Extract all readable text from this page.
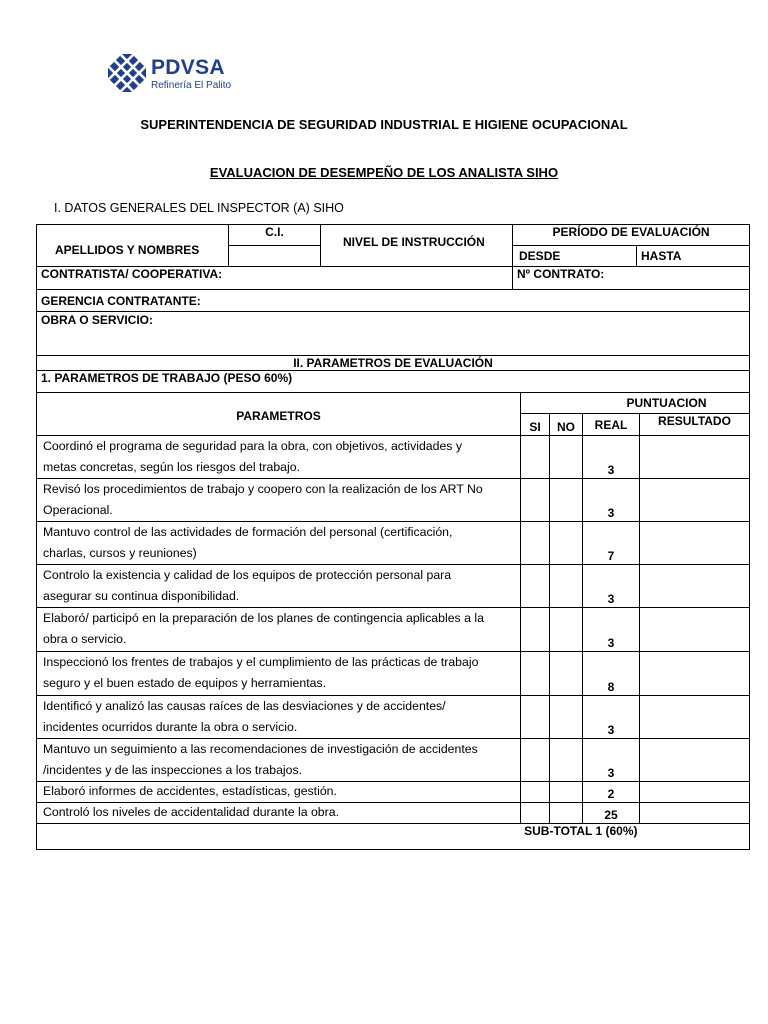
PDVSA
Refinería El Palito
SUPERINTENDENCIA DE SEGURIDAD INDUSTRIAL E HIGIENE OCUPACIONAL
EVALUACION DE DESEMPEÑO DE LOS ANALISTA SIHO
I. DATOS GENERALES DEL INSPECTOR (A) SIHO
APELLIDOS Y NOMBRES	C.I.	NIVEL DE INSTRUCCIÓN	PERÍODO DE EVALUACIÓN	
			DESDE	HASTA
CONTRATISTA/ COOPERATIVA:			Nº CONTRATO:	
GERENCIA CONTRATANTE:				
OBRA O SERVICIO:				
II. PARAMETROS DE EVALUACIÓN				
1. PARAMETROS DE TRABAJO (PESO 60%)				
PARAMETROS			PUNTUACION	
	SI	NO	REAL	RESULTADO

Coordinó el programa de seguridad para la obra, con objetivos, actividades y
metas concretas, según los riesgos del trabajo.			3	

Revisó los procedimientos de trabajo y coopero con la realización de los ART No
Operacional.			3	

Mantuvo control de las actividades de formación del personal (certificación,
charlas, cursos y reuniones)			7	

Controlo la existencia y calidad de los equipos de protección personal para
asegurar su continua disponibilidad.			3	

Elaboró/ participó en la preparación de los planes de contingencia aplicables a la
obra o servicio.			3	

Inspeccionó los frentes de trabajos y el cumplimiento de las prácticas de trabajo
seguro y el buen estado de equipos y herramientas.			8	

Identificó y analizó las causas raíces de las desviaciones y de accidentes/
incidentes ocurridos durante la obra o servicio.			3	

Mantuvo un seguimiento a las recomendaciones de investigación de accidentes
/incidentes y de las inspecciones a los trabajos.			3	

Elaboró informes de accidentes, estadísticas, gestión.			2	

Controló los niveles de accidentalidad durante la obra.			25	
SUB-TOTAL 1 (60%)				
